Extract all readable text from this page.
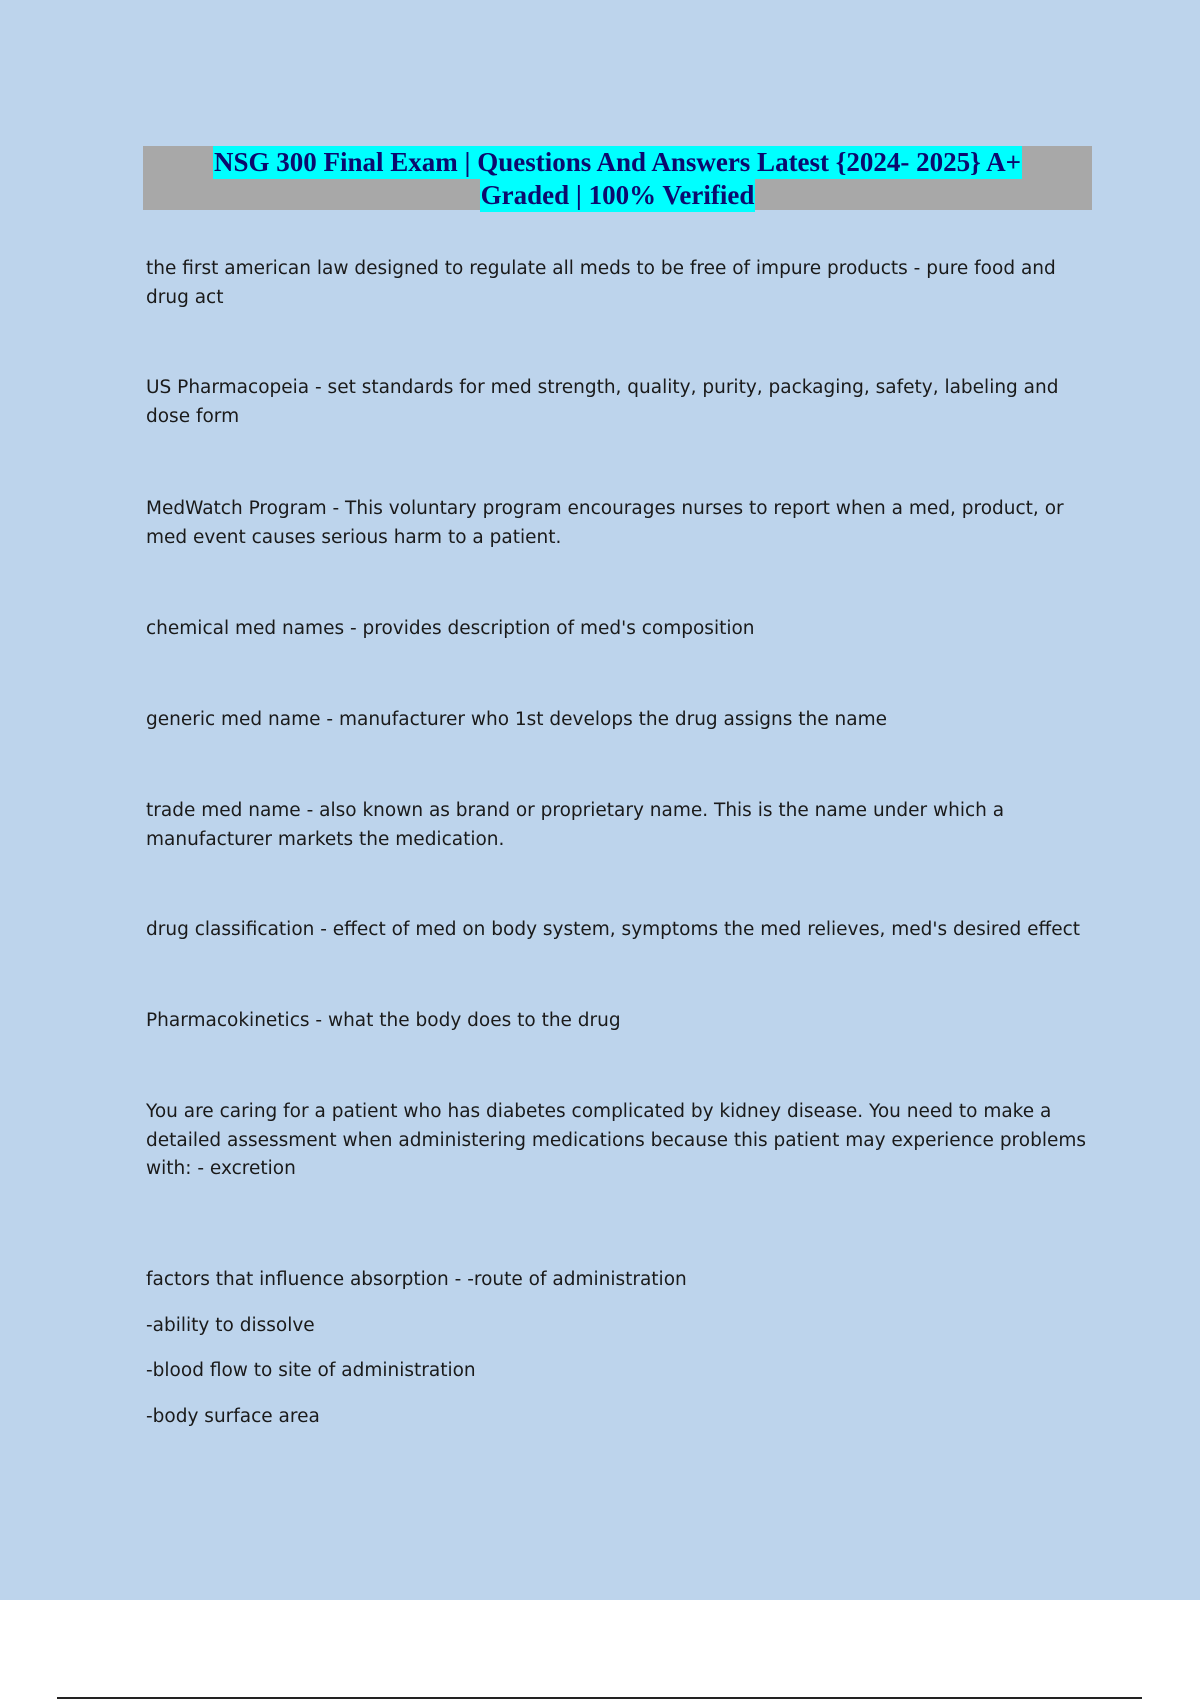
NSG 300 Final Exam | Questions And Answers Latest {2024- 2025} A+
Graded | 100% Verified

the first american law designed to regulate all meds to be free of impure products - pure food and drug act

US Pharmacopeia - set standards for med strength, quality, purity, packaging, safety, labeling and dose form

MedWatch Program - This voluntary program encourages nurses to report when a med, product, or med event causes serious harm to a patient.

chemical med names - provides description of med's composition

generic med name - manufacturer who 1st develops the drug assigns the name

trade med name - also known as brand or proprietary name. This is the name under which a manufacturer markets the medication.

drug classification - effect of med on body system, symptoms the med relieves, med's desired effect

Pharmacokinetics - what the body does to the drug

You are caring for a patient who has diabetes complicated by kidney disease. You need to make a detailed assessment when administering medications because this patient may experience problems with: - excretion

factors that influence absorption - -route of administration

-ability to dissolve

-blood flow to site of administration

-body surface area
